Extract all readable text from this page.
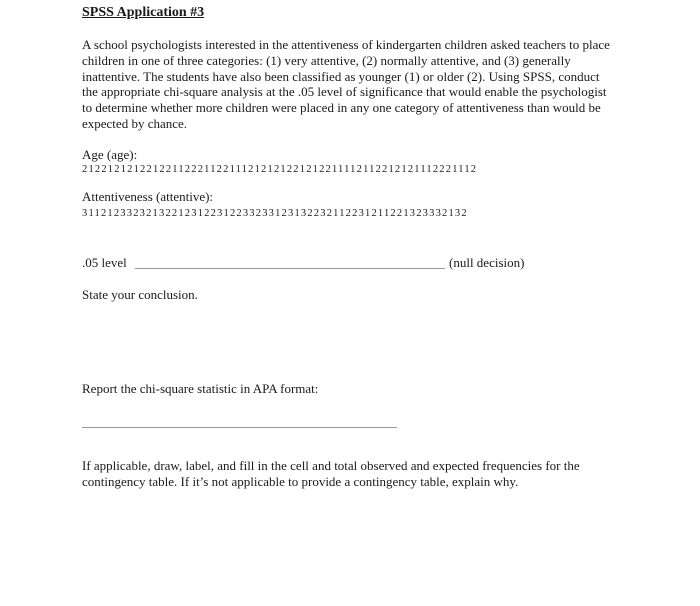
SPSS Application #3
A school psychologists interested in the attentiveness of kindergarten children asked teachers to place children in one of three categories: (1) very attentive, (2) normally attentive, and (3) generally inattentive. The students have also been classified as younger (1) or older (2). Using SPSS, conduct the appropriate chi-square analysis at the .05 level of significance that would enable the psychologist to determine whether more children were placed in any one category of attentiveness than would be expected by chance.
Age (age):
21221212122122112221122111212121221212211112112212121112221112
Attentiveness (attentive):
311212332321322123122312233233123132232112231211221323332132
.05 level	(null decision)
State your conclusion.
Report the chi-square statistic in APA format:
If applicable, draw, label, and fill in the cell and total observed and expected frequencies for the contingency table. If it’s not applicable to provide a contingency table, explain why.
